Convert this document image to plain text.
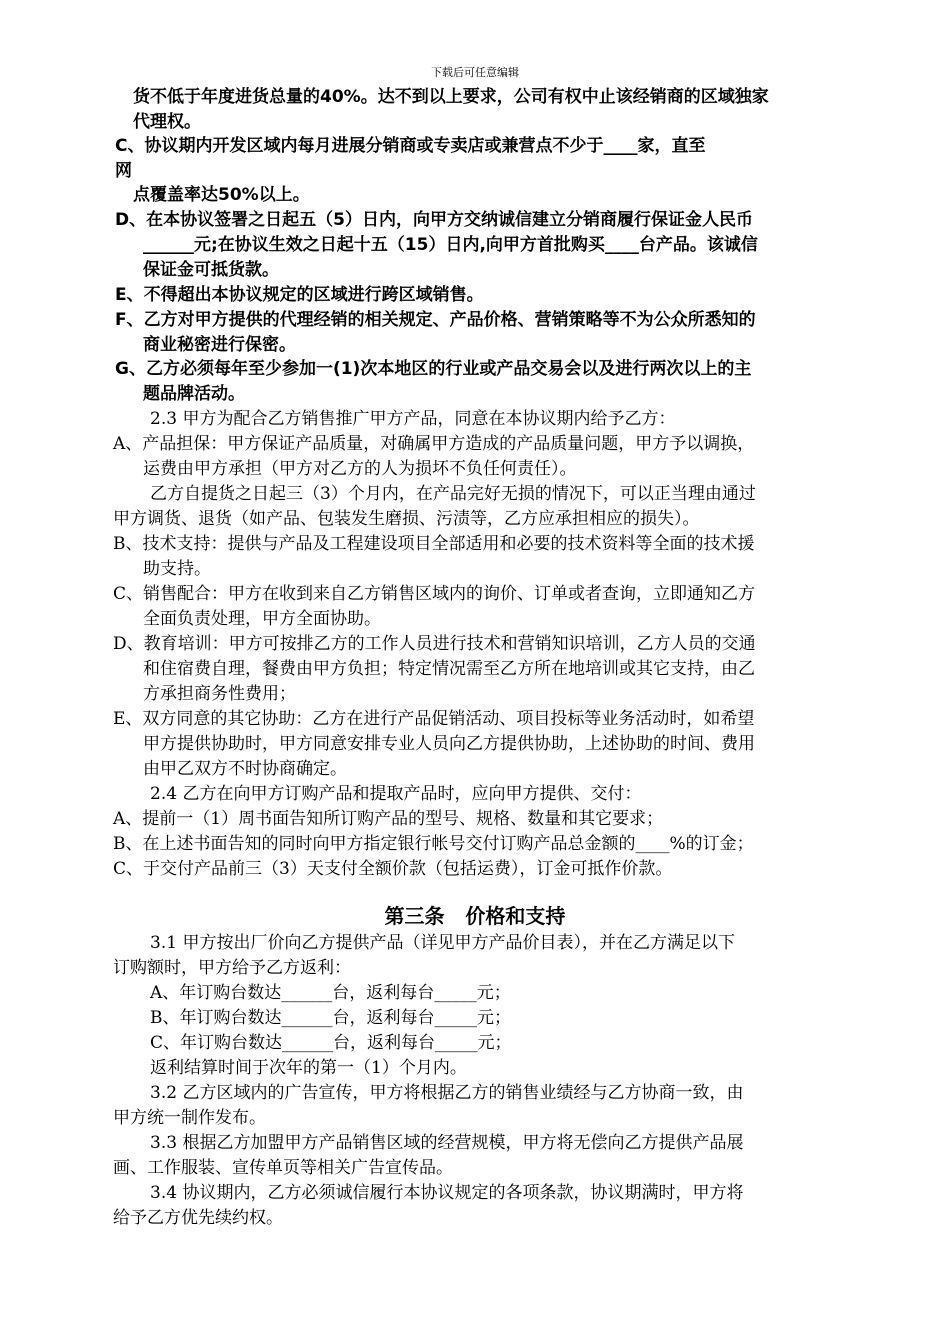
下载后可任意编辑
货不低于年度进货总量的40%。达不到以上要求，公司有权中止该经销商的区域独家
代理权。
C、协议期内开发区域内每月进展分销商或专卖店或兼营点不少于____家，直至
网
点覆盖率达50%以上。
D、在本协议签署之日起五（5）日内，向甲方交纳诚信建立分销商履行保证金人民币
______元;在协议生效之日起十五（15）日内,向甲方首批购买____台产品。该诚信
保证金可抵货款。
E、不得超出本协议规定的区域进行跨区域销售。
F、乙方对甲方提供的代理经销的相关规定、产品价格、营销策略等不为公众所悉知的
商业秘密进行保密。
G、乙方必须每年至少参加一(1)次本地区的行业或产品交易会以及进行两次以上的主
题品牌活动。
2.3 甲方为配合乙方销售推广甲方产品，同意在本协议期内给予乙方：
A、产品担保：甲方保证产品质量，对确属甲方造成的产品质量问题，甲方予以调换，
运费由甲方承担（甲方对乙方的人为损坏不负任何责任）。
乙方自提货之日起三（3）个月内，在产品完好无损的情况下，可以正当理由通过
甲方调货、退货（如产品、包装发生磨损、污渍等，乙方应承担相应的损失）。
B、技术支持：提供与产品及工程建设项目全部适用和必要的技术资料等全面的技术援
助支持。
C、销售配合：甲方在收到来自乙方销售区域内的询价、订单或者查询，立即通知乙方
全面负责处理，甲方全面协助。
D、教育培训：甲方可按排乙方的工作人员进行技术和营销知识培训，乙方人员的交通
和住宿费自理，餐费由甲方负担；特定情况需至乙方所在地培训或其它支持，由乙
方承担商务性费用；
E、双方同意的其它协助：乙方在进行产品促销活动、项目投标等业务活动时，如希望
甲方提供协助时，甲方同意安排专业人员向乙方提供协助，上述协助的时间、费用
由甲乙双方不时协商确定。
2.4 乙方在向甲方订购产品和提取产品时，应向甲方提供、交付：
A、提前一（1）周书面告知所订购产品的型号、规格、数量和其它要求；
B、在上述书面告知的同时向甲方指定银行帐号交付订购产品总金额的____%的订金；
C、于交付产品前三（3）天支付全额价款（包括运费），订金可抵作价款。
第三条   价格和支持
3.1 甲方按出厂价向乙方提供产品（详见甲方产品价目表），并在乙方满足以下
订购额时，甲方给予乙方返利：
A、年订购台数达______台，返利每台_____元；
B、年订购台数达______台，返利每台_____元；
C、年订购台数达______台，返利每台_____元；
返利结算时间于次年的第一（1）个月内。
3.2 乙方区域内的广告宣传，甲方将根据乙方的销售业绩经与乙方协商一致，由
甲方统一制作发布。
3.3 根据乙方加盟甲方产品销售区域的经营规模，甲方将无偿向乙方提供产品展
画、工作服装、宣传单页等相关广告宣传品。
3.4 协议期内，乙方必须诚信履行本协议规定的各项条款，协议期满时，甲方将
给予乙方优先续约权。
